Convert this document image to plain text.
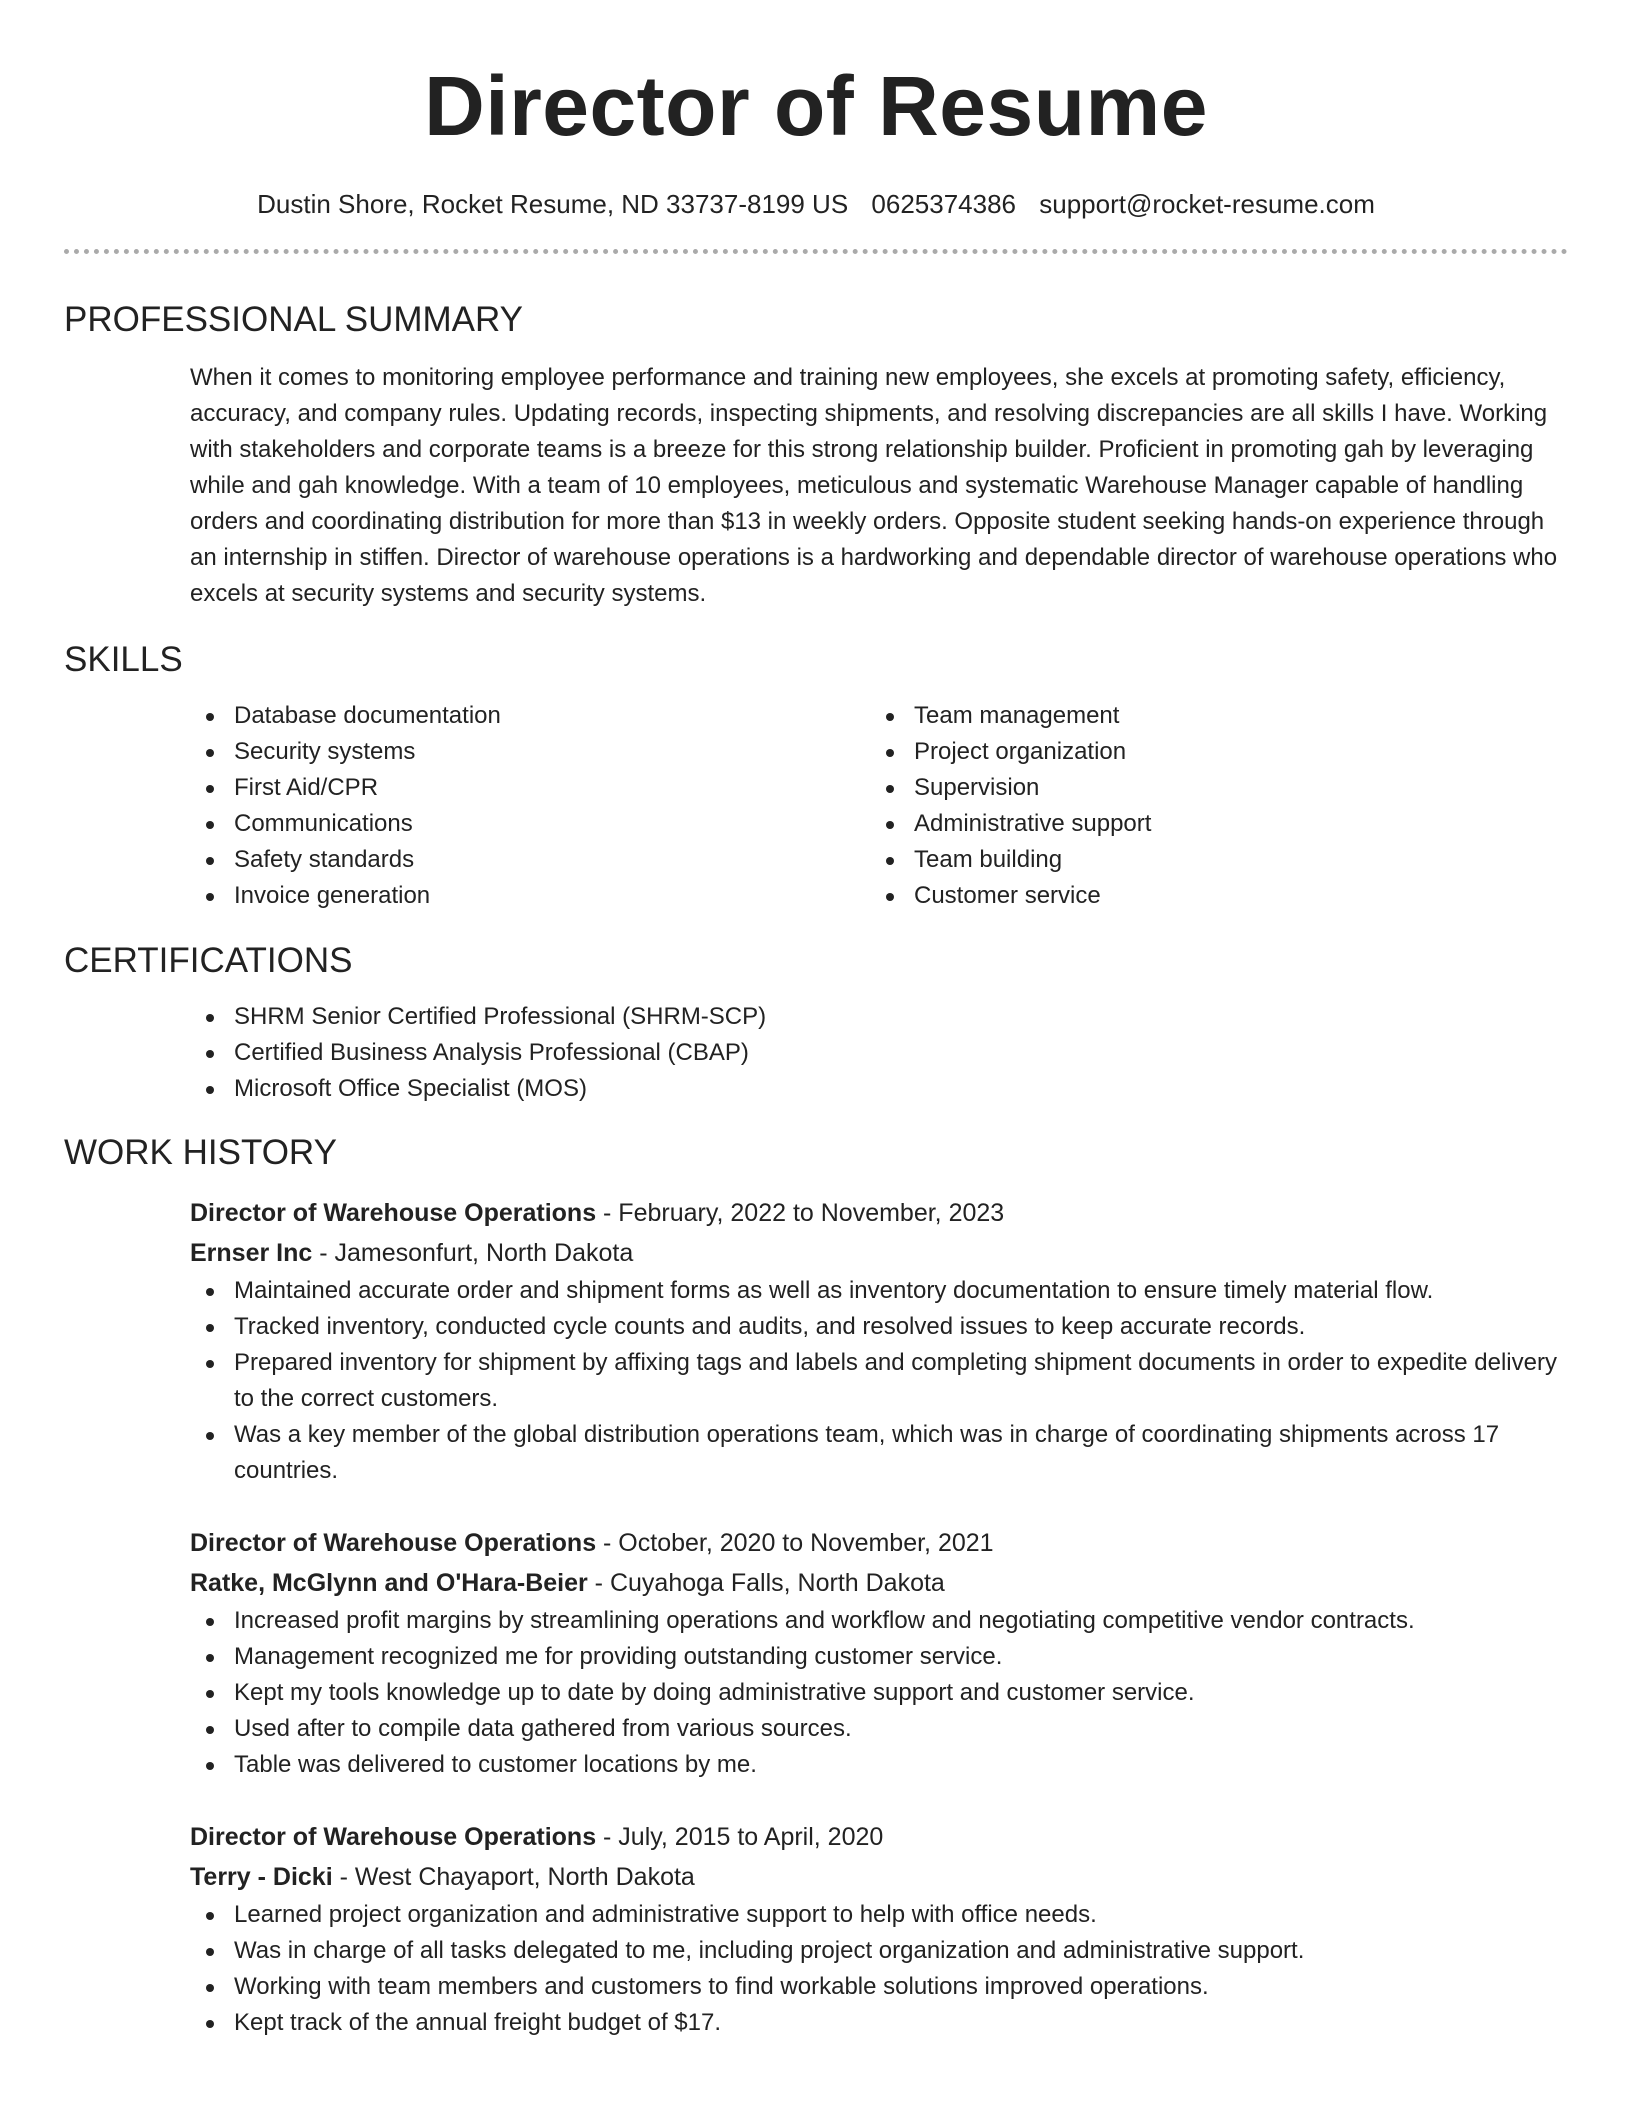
Director of Resume
Dustin Shore, Rocket Resume, ND 33737-8199 US 0625374386 support@rocket-resume.com
PROFESSIONAL SUMMARY
When it comes to monitoring employee performance and training new employees, she excels at promoting safety, efficiency, accuracy, and company rules. Updating records, inspecting shipments, and resolving discrepancies are all skills I have. Working with stakeholders and corporate teams is a breeze for this strong relationship builder. Proficient in promoting gah by leveraging while and gah knowledge. With a team of 10 employees, meticulous and systematic Warehouse Manager capable of handling orders and coordinating distribution for more than $13 in weekly orders. Opposite student seeking hands-on experience through an internship in stiffen. Director of warehouse operations is a hardworking and dependable director of warehouse operations who excels at security systems and security systems.
SKILLS
Database documentation
Security systems
First Aid/CPR
Communications
Safety standards
Invoice generation
Team management
Project organization
Supervision
Administrative support
Team building
Customer service
CERTIFICATIONS
SHRM Senior Certified Professional (SHRM-SCP)
Certified Business Analysis Professional (CBAP)
Microsoft Office Specialist (MOS)
WORK HISTORY
Director of Warehouse Operations - February, 2022 to November, 2023
Ernser Inc - Jamesonfurt, North Dakota
Maintained accurate order and shipment forms as well as inventory documentation to ensure timely material flow.
Tracked inventory, conducted cycle counts and audits, and resolved issues to keep accurate records.
Prepared inventory for shipment by affixing tags and labels and completing shipment documents in order to expedite delivery to the correct customers.
Was a key member of the global distribution operations team, which was in charge of coordinating shipments across 17 countries.
Director of Warehouse Operations - October, 2020 to November, 2021
Ratke, McGlynn and O'Hara-Beier - Cuyahoga Falls, North Dakota
Increased profit margins by streamlining operations and workflow and negotiating competitive vendor contracts.
Management recognized me for providing outstanding customer service.
Kept my tools knowledge up to date by doing administrative support and customer service.
Used after to compile data gathered from various sources.
Table was delivered to customer locations by me.
Director of Warehouse Operations - July, 2015 to April, 2020
Terry - Dicki - West Chayaport, North Dakota
Learned project organization and administrative support to help with office needs.
Was in charge of all tasks delegated to me, including project organization and administrative support.
Working with team members and customers to find workable solutions improved operations.
Kept track of the annual freight budget of $17.
